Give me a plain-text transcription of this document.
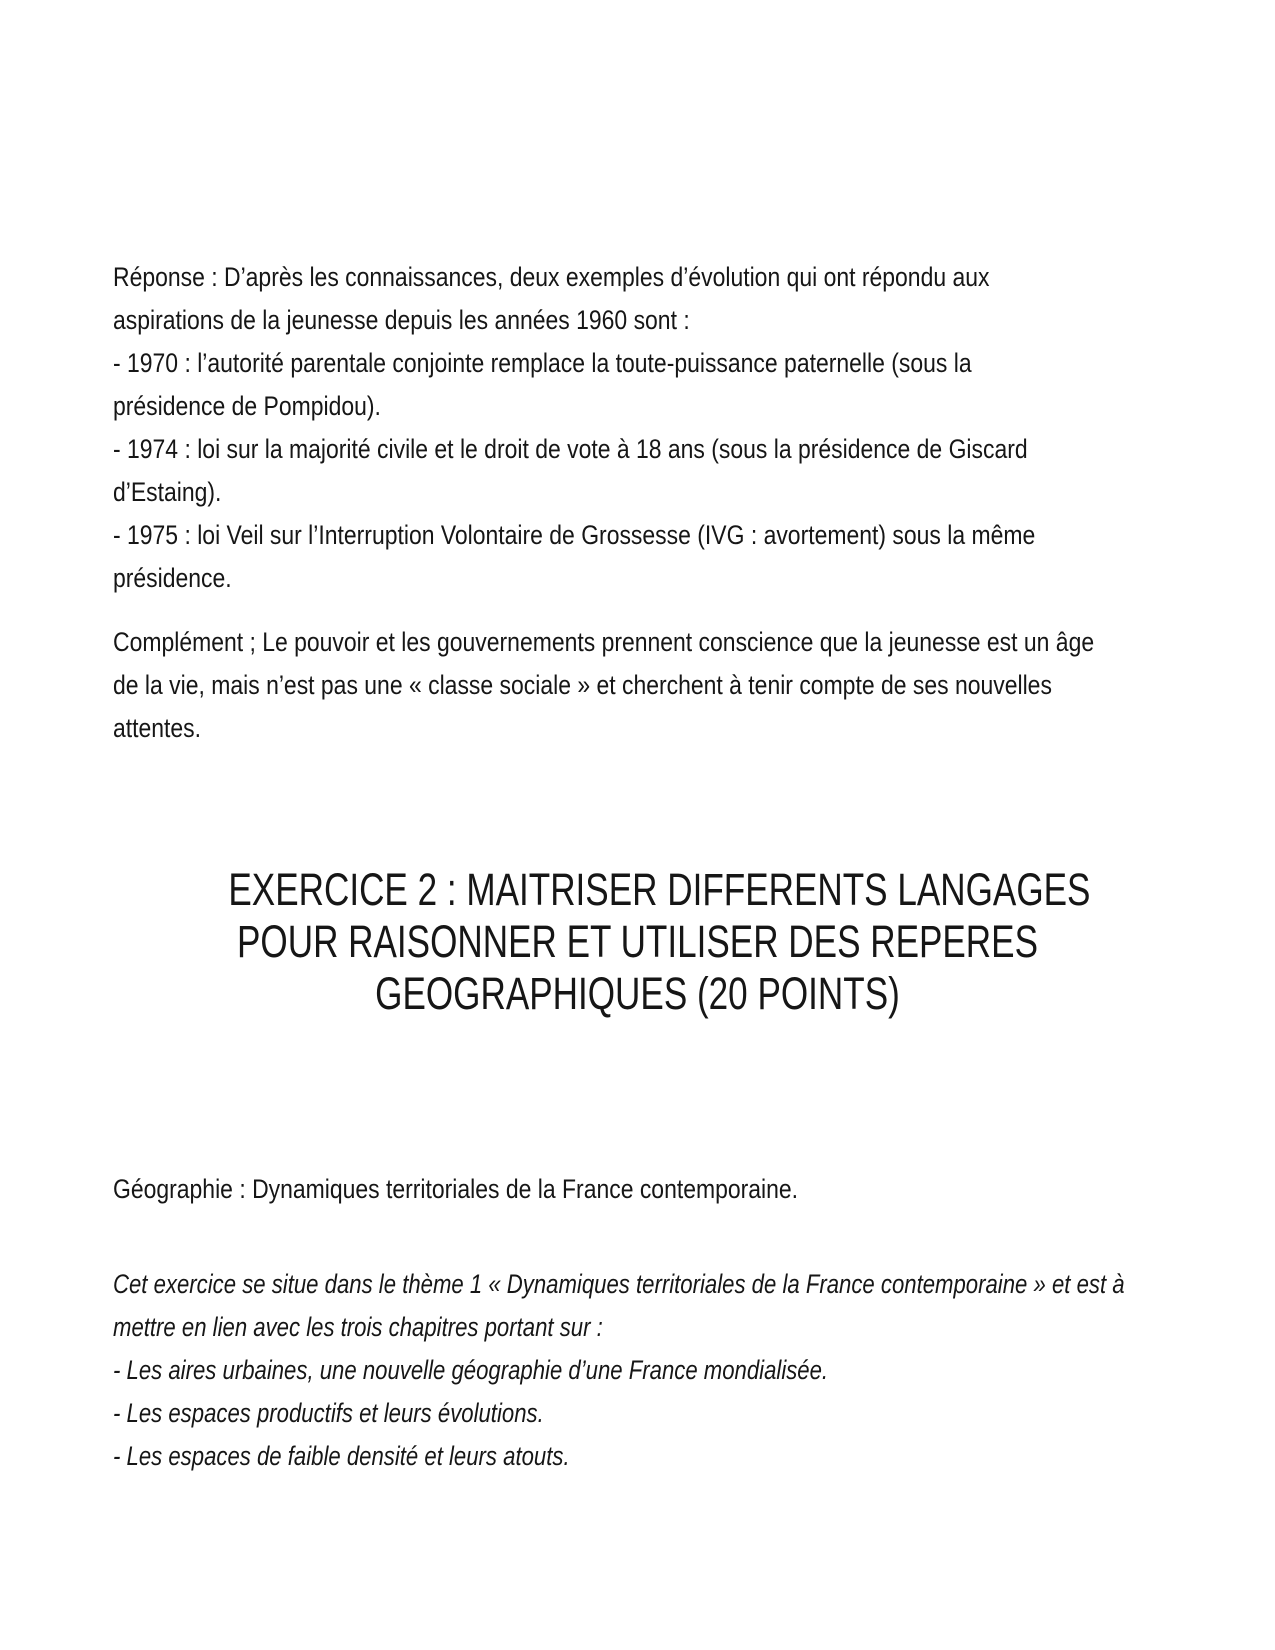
Réponse : D’après les connaissances, deux exemples d’évolution qui ont répondu aux
aspirations de la jeunesse depuis les années 1960 sont :
- 1970 : l’autorité parentale conjointe remplace la toute-puissance paternelle (sous la
présidence de Pompidou).
- 1974 : loi sur la majorité civile et le droit de vote à 18 ans (sous la présidence de Giscard
d’Estaing).
- 1975 : loi Veil sur l’Interruption Volontaire de Grossesse (IVG : avortement) sous la même
présidence.
Complément ; Le pouvoir et les gouvernements prennent conscience que la jeunesse est un âge
de la vie, mais n’est pas une « classe sociale » et cherchent à tenir compte de ses nouvelles
attentes.
EXERCICE 2 : MAITRISER DIFFERENTS LANGAGES
POUR RAISONNER ET UTILISER DES REPERES
GEOGRAPHIQUES (20 POINTS)
Géographie : Dynamiques territoriales de la France contemporaine.
Cet exercice se situe dans le thème 1 « Dynamiques territoriales de la France contemporaine » et est à
mettre en lien avec les trois chapitres portant sur :
- Les aires urbaines, une nouvelle géographie d’une France mondialisée.
- Les espaces productifs et leurs évolutions.
- Les espaces de faible densité et leurs atouts.
